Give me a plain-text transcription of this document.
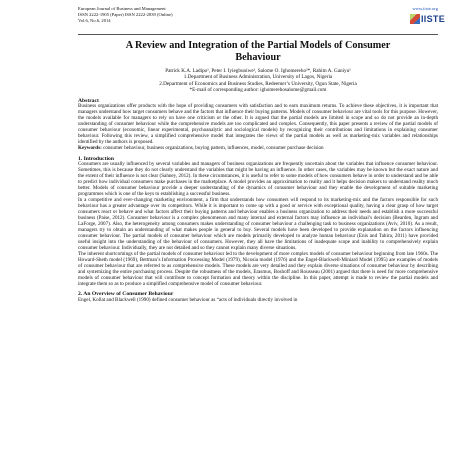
European Journal of Business and Management
ISSN 2222-1905 (Paper) ISSN 2222-2839 (Online)
Vol.6, No.6, 2014
www.iiste.org
IISTE
A Review and Integration of the Partial Models of Consumer
Behaviour
Patrick K.A. Ladipo¹, Peter I. Iyiegbuniwe¹, Salome O. Ighomereho²*, Rahim A. Ganiyu¹
1.Department of Business Administration, University of Lagos, Nigeria
2.Department of Economics and Business Studies, Redeemer’s University, Ogun State, Nigeria
*E-mail of corresponding author: ighomerehosalome@gmail.com
Abstract

Business organizations offer products with the hope of providing consumers with satisfaction and to earn maximum returns. To achieve these objectives, it is important that managers understand how target consumers behave and the factors that influence their buying patterns. Models of consumer behaviour are vital tools for this purpose. However, the models available for managers to rely on have one criticism or the other. It is argued that the partial models are limited in scope and so do not provide an in-depth understanding of consumer behaviour while the comprehensive models are too complicated and complex. Consequently, this paper presents a review of the partial models of consumer behaviour (economic, linear experimental, psychoanalytic and sociological models) by recognizing their contributions and limitations in explaining consumer behaviour. Following this review, a simplified comprehensive model that integrates the views of the partial models as well as marketing-mix variables and relationships identified by the authors is proposed.

Keywords: consumer behaviour, business organizations, buying pattern, influences, model, consumer purchase decision

1. Introduction

Consumers are usually influenced by several variables and managers of business organizations are frequently uncertain about the variables that influence consumer behaviour. Sometimes, this is because they do not clearly understand the variables that might be having an influence. In other cases, the variables may be known but the exact nature and the extent of their influence is not clear (Sahney, 2012). In these circumstances, it is useful to refer to some models of how consumers behave in order to understand and be able to predict how individual consumers make purchases in the marketplace. A model provides an approximation to reality and it helps decision makers to understand reality much better. Models of consumer behaviour provide a deeper understanding of the dynamics of consumer behaviour and they enable the development of suitable marketing programmes which is one of the keys to establishing a successful business.

In a competitive and ever-changing marketing environment, a firm that understands how consumers will respond to its marketing-mix and the factors responsible for such behaviour has a greater advantage over its competitors. While it is important to come up with a good or service with exceptional quality, having a clear grasp of how target consumers react or behave and what factors affect their buying patterns and behaviour enables a business organization to address their needs and establish a more successful business (Paise, 2012). Consumer behaviour is a complex phenomenon and many internal and external factors may influence an individual’s decision (Bearden, Ingram and LaForge, 2007). Also, the heterogeneity among consumers makes understanding of consumer behaviour a challenging task to business organizations (Aviv, 2010). As a result, managers try to obtain an understanding of what makes people in general to buy. Several models have been developed to provide explanation on the factors influencing consumer behaviour. The partial models of consumer behaviour which are models primarily developed to analyze human behaviour (Enis and Tahira, 2011) have provided useful insight into the understanding of the behaviour of consumers. However, they all have the limitations of inadequate scope and inability to comprehensively explain consumer behaviour. Individually, they are not detailed and so they cannot explain many diverse situations.

The inherent shortcomings of the partial models of consumer behaviour led to the development of more complex models of consumer behaviour beginning from late 1960s. The Howard-Sheth model (1969), Bettman’s Information Processing Model (1979), Nicosia model (1976) and the Engel-Blackwell-Miniard Model (1995) are examples of models of consumer behaviour that are referred to as comprehensive models. These models are very detailed and they explain diverse situations of consumer behaviour by describing and systemizing the entire purchasing process. Despite the robustness of the models, Erasmus, Boshoff and Rousseau (2001) argued that there is need for more comprehensive models of consumer behaviour that will contribute to concept formation and theory within the discipline. In this paper, attempt is made to review the partial models and integrate them so as to produce a simplified comprehensive model of consumer behaviour.

2. An Overview of Consumer Behaviour

Engel, Kollat and Blackwell (1990) defined consumer behaviour as “acts of individuals directly involved in
